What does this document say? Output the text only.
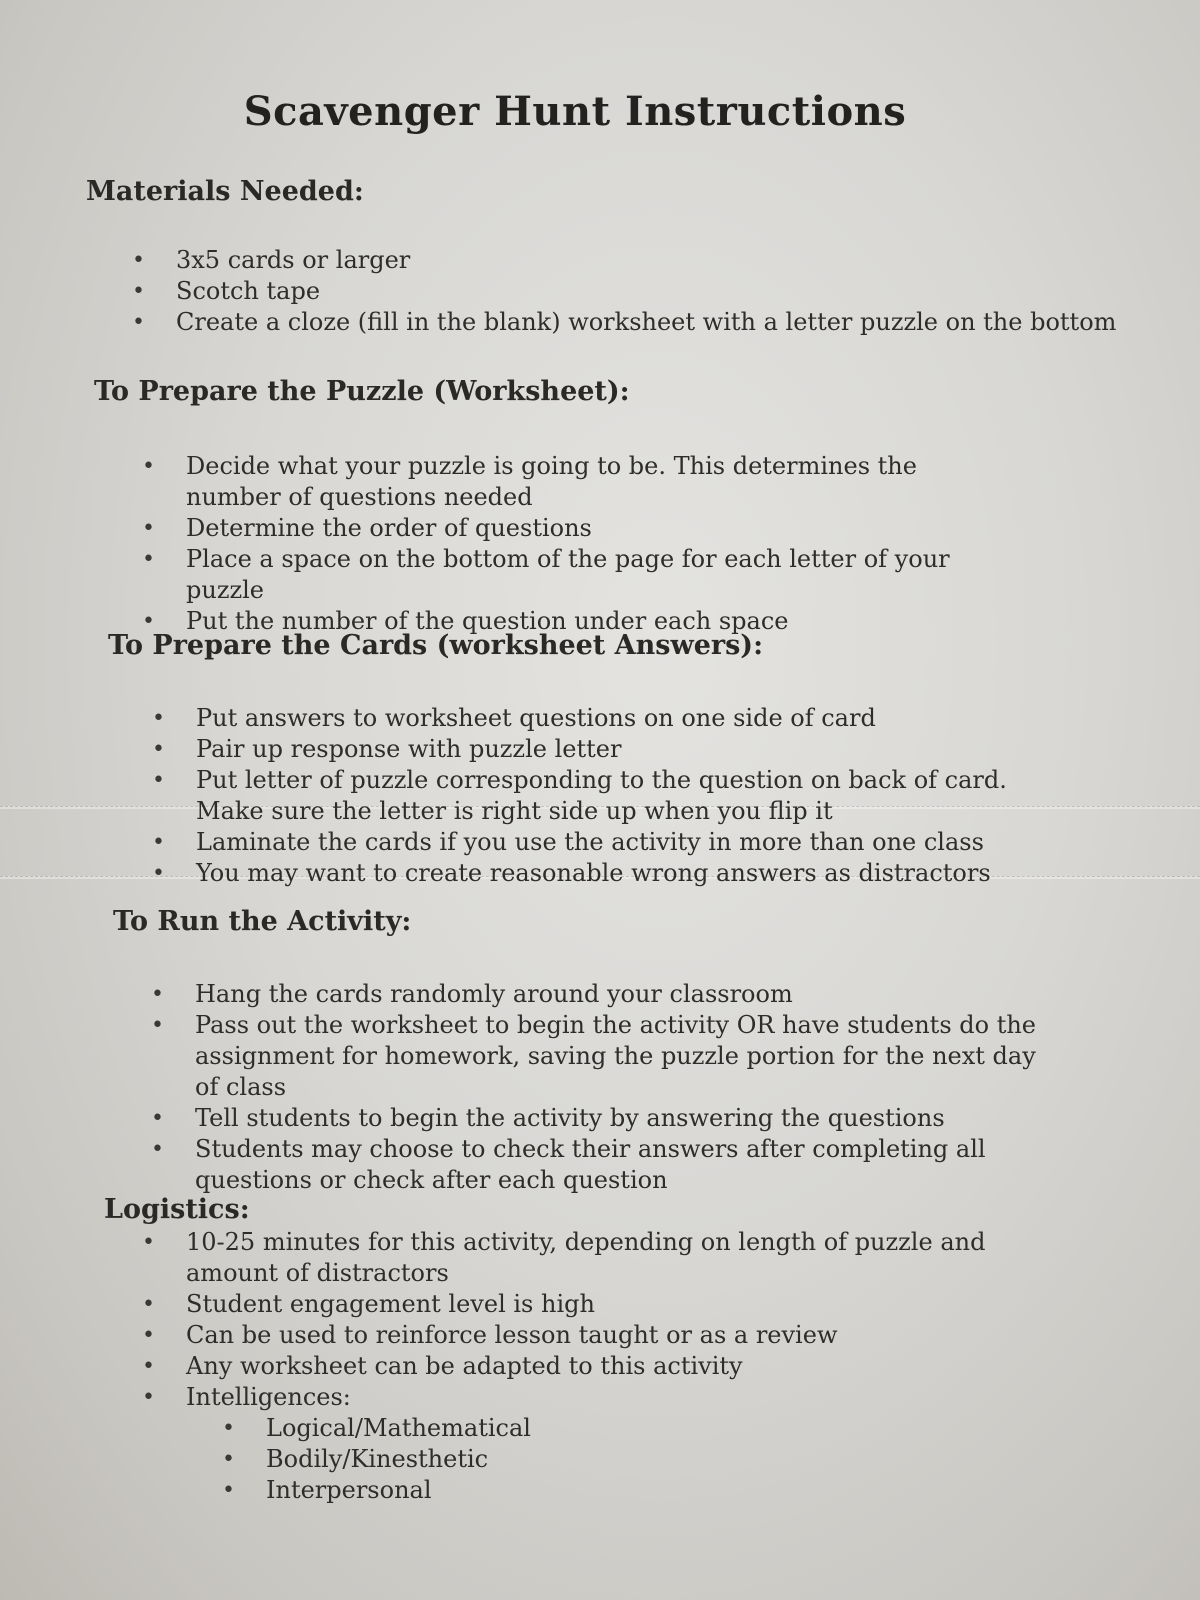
Scavenger Hunt Instructions
Materials Needed:
• 3x5 cards or larger
• Scotch tape
• Create a cloze (fill in the blank) worksheet with a letter puzzle on the bottom
To Prepare the Puzzle (Worksheet):
• Decide what your puzzle is going to be. This determines the number of questions needed
• Determine the order of questions
• Place a space on the bottom of the page for each letter of your puzzle
• Put the number of the question under each space
To Prepare the Cards (worksheet Answers):
• Put answers to worksheet questions on one side of card
• Pair up response with puzzle letter
• Put letter of puzzle corresponding to the question on back of card. Make sure the letter is right side up when you flip it
• Laminate the cards if you use the activity in more than one class
• You may want to create reasonable wrong answers as distractors
To Run the Activity:
• Hang the cards randomly around your classroom
• Pass out the worksheet to begin the activity OR have students do the assignment for homework, saving the puzzle portion for the next day of class
• Tell students to begin the activity by answering the questions
• Students may choose to check their answers after completing all questions or check after each question
Logistics:
• 10-25 minutes for this activity, depending on length of puzzle and amount of distractors
• Student engagement level is high
• Can be used to reinforce lesson taught or as a review
• Any worksheet can be adapted to this activity
• Intelligences:
• Logical/Mathematical
• Bodily/Kinesthetic
• Interpersonal
